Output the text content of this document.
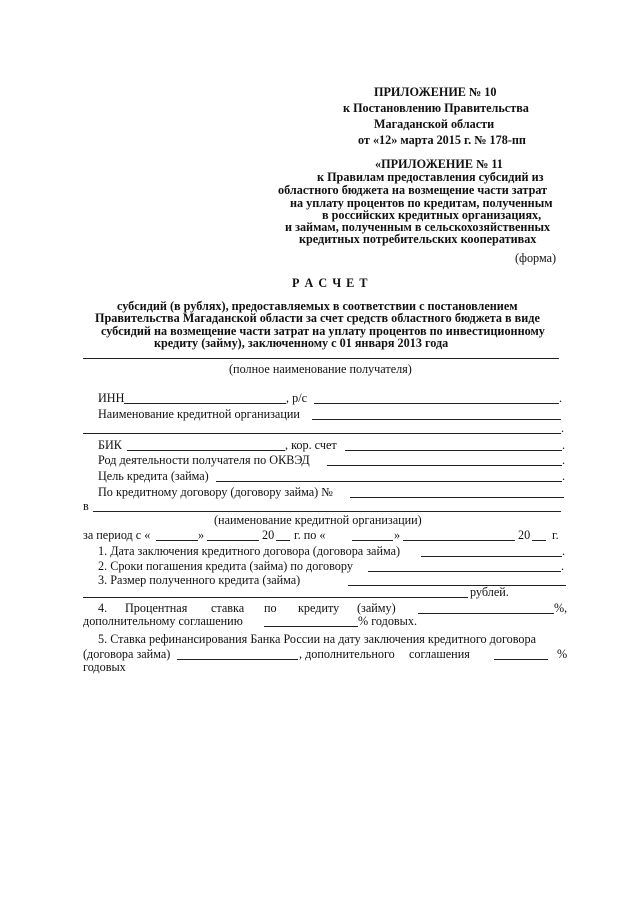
ПРИЛОЖЕНИЕ № 10
к Постановлению Правительства
Магаданской области
от «12» марта 2015 г. № 178-пп
«ПРИЛОЖЕНИЕ № 11
к Правилам предоставления субсидий из
областного бюджета на возмещение части затрат
на уплату процентов по кредитам, полученным
в российских кредитных организациях,
и займам, полученным в сельскохозяйственных
кредитных потребительских кооперативах
(форма)
Р А С Ч Е Т
субсидий (в рублях), предоставляемых в соответствии с постановлением
Правительства Магаданской области за счет средств областного бюджета в виде
субсидий на возмещение части затрат на уплату процентов по инвестиционному
кредиту (займу), заключенному с 01 января 2013 года
(полное наименование получателя)
ИНН	, р/с	.
Наименование кредитной организации
.
БИК	, кор. счет	.
Род деятельности получателя по ОКВЭД	.
Цель кредита (займа)	.
По кредитному договору (договору займа) №
в
(наименование кредитной организации)
за период с «	»	20 г. по «	»	20 г.
1. Дата заключения кредитного договора (договора займа)	.
2. Сроки погашения кредита (займа) по договору	.
3. Размер полученного кредита (займа)
рублей.
4. Процентная ставка по кредиту (займу)	%,
дополнительному соглашению	% годовых.
5. Ставка рефинансирования Банка России на дату заключения кредитного договора
(договора займа)	, дополнительного соглашения	%
годовых
